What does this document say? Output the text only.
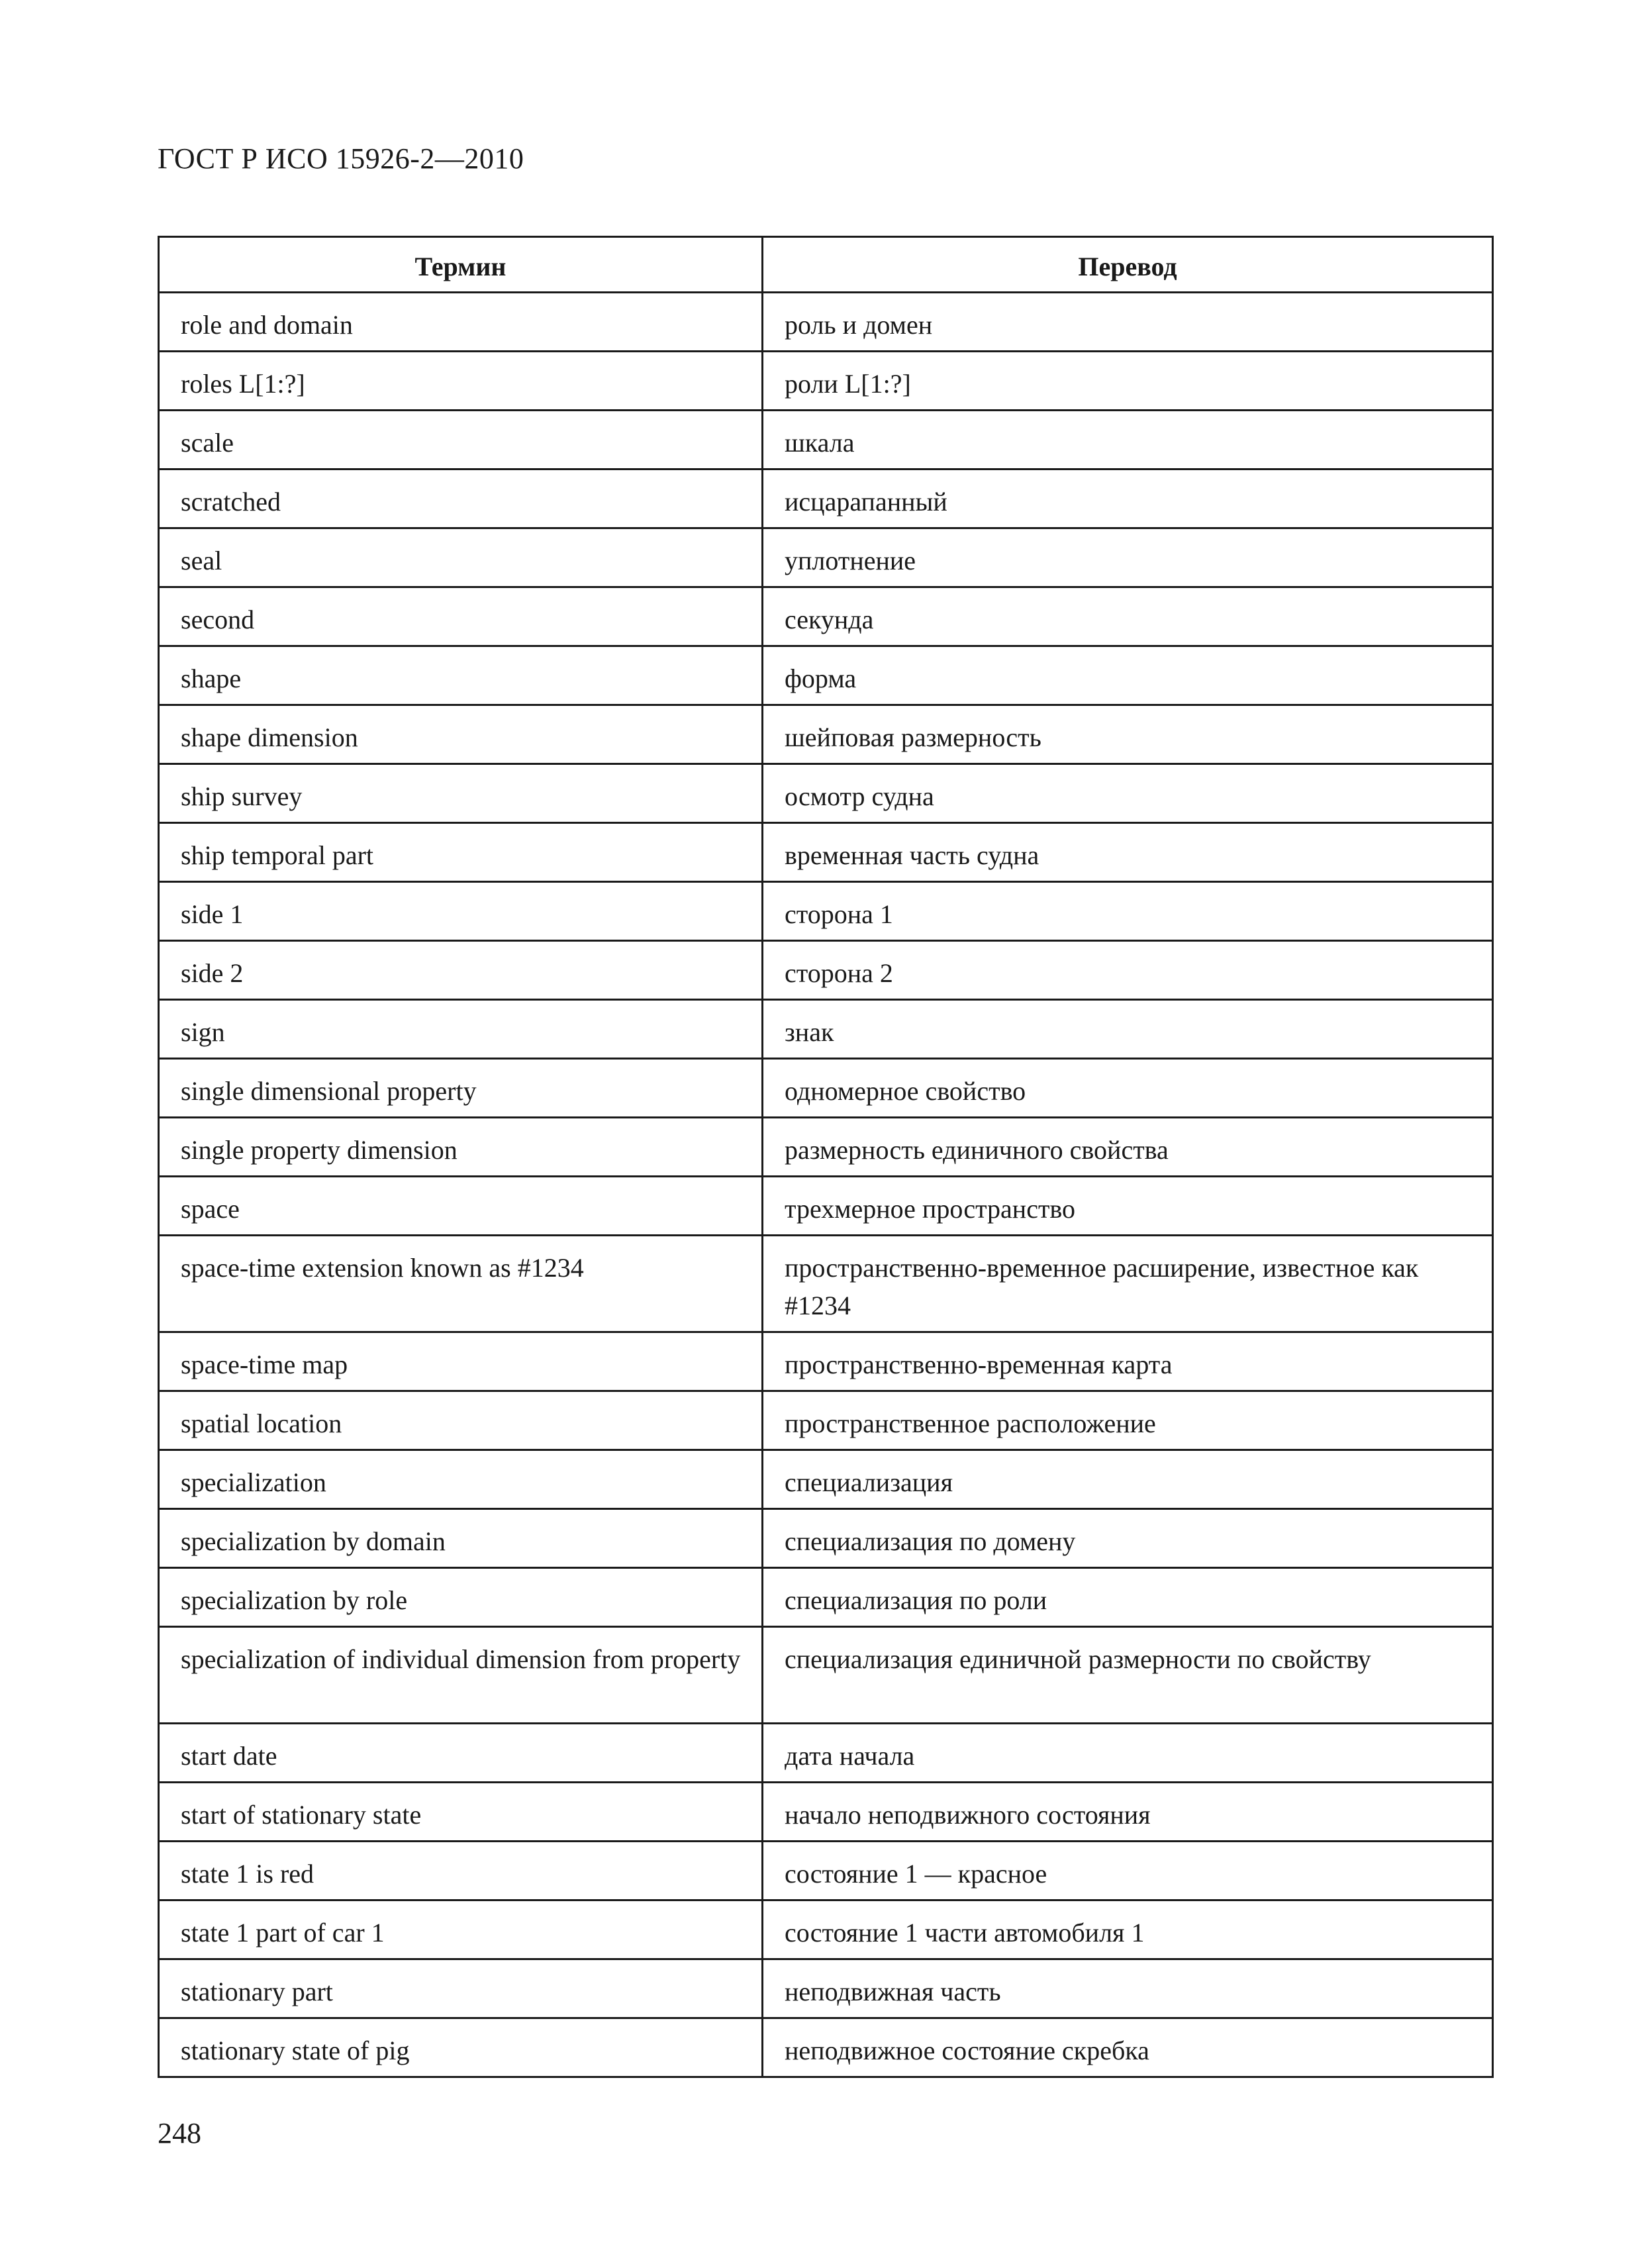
ГОСТ Р ИСО 15926-2—2010
Термин	Перевод
role and domain	роль и домен
roles L[1:?]	роли L[1:?]
scale	шкала
scratched	исцарапанный
seal	уплотнение
second	секунда
shape	форма
shape dimension	шейповая размерность
ship survey	осмотр судна
ship temporal part	временная часть судна
side 1	сторона 1
side 2	сторона 2
sign	знак
single dimensional property	одномерное свойство
single property dimension	размерность единичного свойства
space	трехмерное пространство
space-time extension known as #1234	пространственно-временное расширение, известное как #1234
space-time map	пространственно-временная карта
spatial location	пространственное расположение
specialization	специализация
specialization by domain	специализация по домену
specialization by role	специализация по роли
specialization of individual dimension from property	специализация единичной размерности по свойству
start date	дата начала
start of stationary state	начало неподвижного состояния
state 1 is red	состояние 1 — красное
state 1 part of car 1	состояние 1 части автомобиля 1
stationary part	неподвижная часть
stationary state of pig	неподвижное состояние скребка
248
